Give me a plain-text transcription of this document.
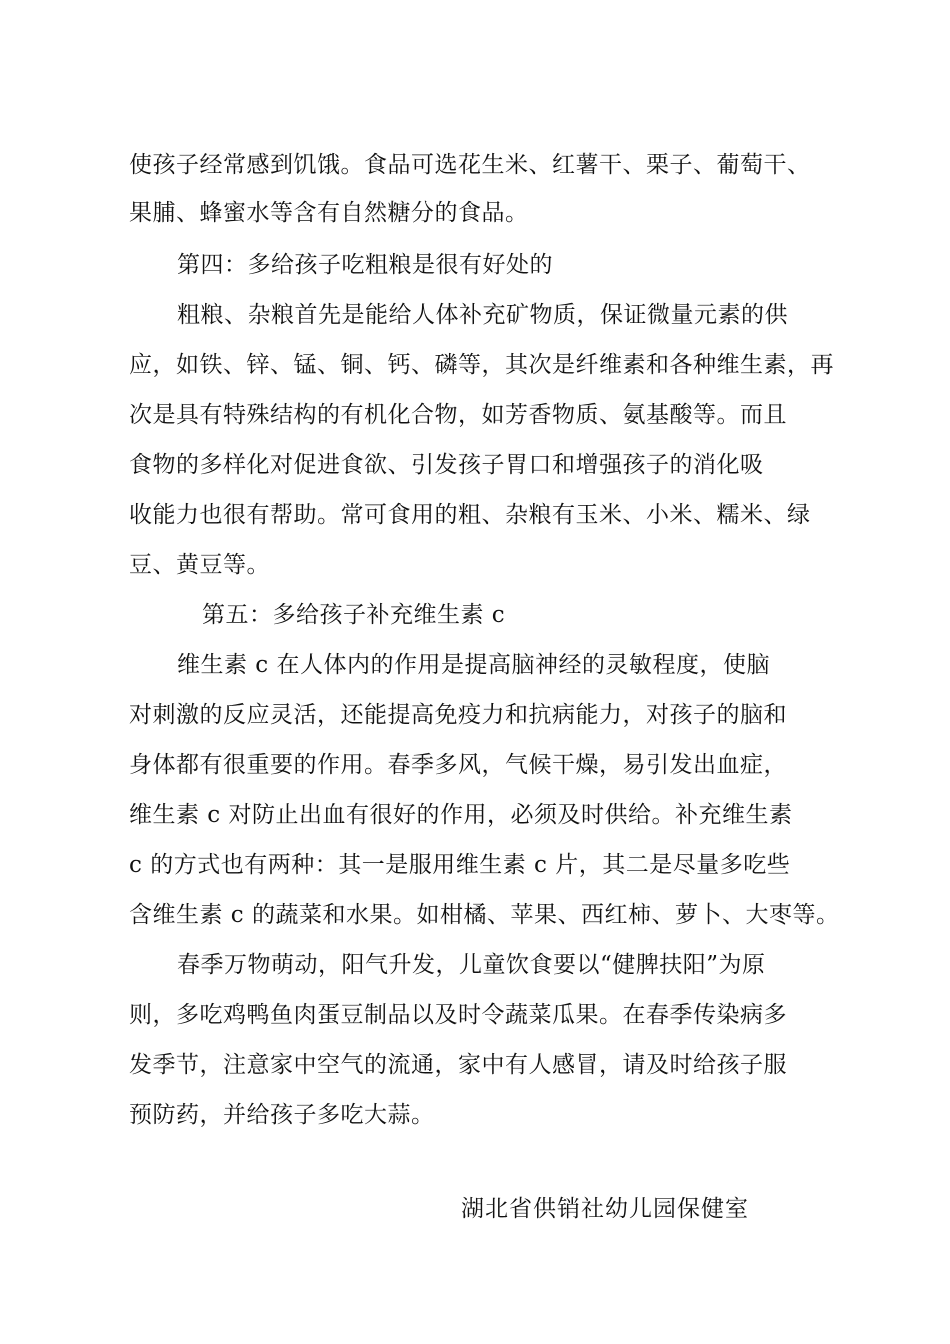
使孩子经常感到饥饿。食品可选花生米、红薯干、栗子、葡萄干、
果脯、蜂蜜水等含有自然糖分的食品。
第四：多给孩子吃粗粮是很有好处的
粗粮、杂粮首先是能给人体补充矿物质，保证微量元素的供
应，如铁、锌、锰、铜、钙、磷等，其次是纤维素和各种维生素，再
次是具有特殊结构的有机化合物，如芳香物质、氨基酸等。而且
食物的多样化对促进食欲、引发孩子胃口和增强孩子的消化吸
收能力也很有帮助。常可食用的粗、杂粮有玉米、小米、糯米、绿
豆、黄豆等。
第五：多给孩子补充维生素 c
维生素 c 在人体内的作用是提高脑神经的灵敏程度，使脑
对刺激的反应灵活，还能提高免疫力和抗病能力，对孩子的脑和
身体都有很重要的作用。春季多风，气候干燥，易引发出血症，
维生素 c 对防止出血有很好的作用，必须及时供给。补充维生素
c 的方式也有两种：其一是服用维生素 c 片，其二是尽量多吃些
含维生素 c 的蔬菜和水果。如柑橘、苹果、西红柿、萝卜、大枣等。
春季万物萌动，阳气升发，儿童饮食要以“健脾扶阳”为原
则，多吃鸡鸭鱼肉蛋豆制品以及时令蔬菜瓜果。在春季传染病多
发季节，注意家中空气的流通，家中有人感冒，请及时给孩子服
预防药，并给孩子多吃大蒜。
湖北省供销社幼儿园保健室
